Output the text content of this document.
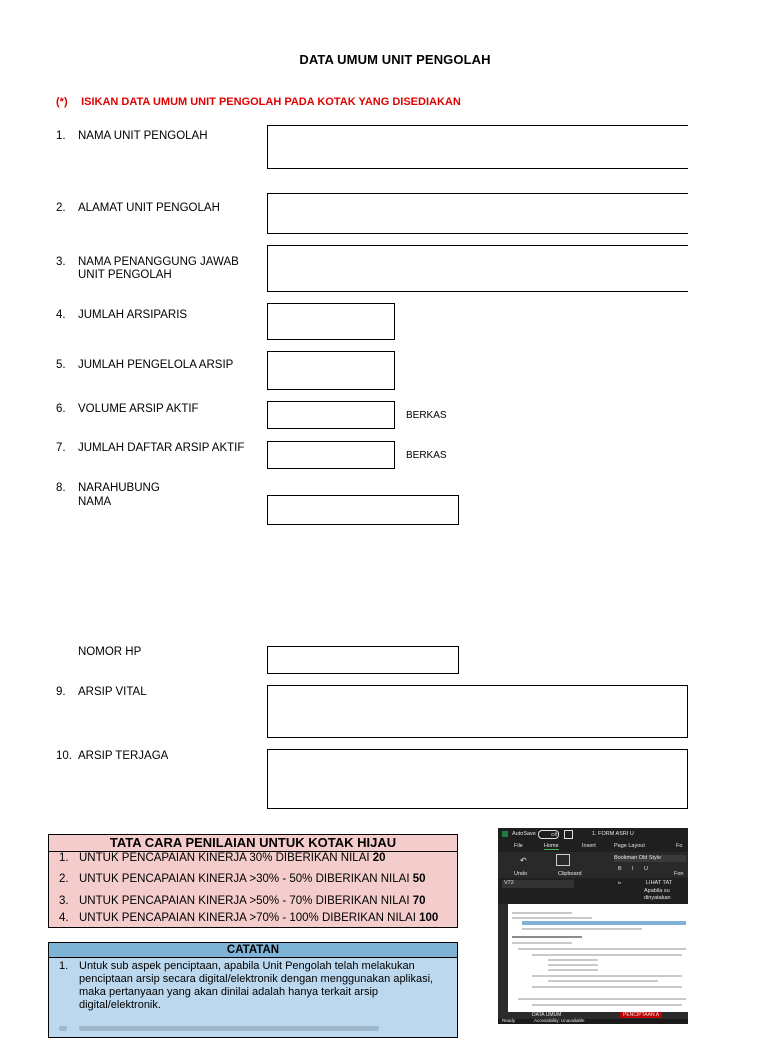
DATA UMUM UNIT PENGOLAH
(*) ISIKAN DATA UMUM UNIT PENGOLAH PADA KOTAK YANG DISEDIAKAN
1.	NAMA UNIT PENGOLAH
2.	ALAMAT UNIT PENGOLAH
3.	NAMA PENANGGUNG JAWAB
UNIT PENGOLAH
4.	JUMLAH ARSIPARIS
5.	JUMLAH PENGELOLA ARSIP
6.	VOLUME ARSIP AKTIF
BERKAS
7.	JUMLAH DAFTAR ARSIP AKTIF
BERKAS
8.	NARAHUBUNG
NAMA
NOMOR HP
9.	ARSIP VITAL
10. ARSIP TERJAGA
TATA CARA PENILAIAN UNTUK KOTAK HIJAU
1. UNTUK PENCAPAIAN KINERJA 30% DIBERIKAN NILAI 20
2. UNTUK PENCAPAIAN KINERJA >30% - 50% DIBERIKAN NILAI 50
3. UNTUK PENCAPAIAN KINERJA >50% - 70% DIBERIKAN NILAI 70
4. UNTUK PENCAPAIAN KINERJA >70% - 100% DIBERIKAN NILAI 100
CATATAN
1. Untuk sub aspek penciptaan, apabila Unit Pengolah telah melakukan penciptaan arsip secara digital/elektronik dengan menggunakan aplikasi, maka pertanyaan yang akan dinilai adalah hanya terkait arsip digital/elektronik.
AutoSave	Off	1. FORM ASRI U
File	Home	Insert	Page Layout	Fo
↶	Bookman Old Style
B I U
Undo	Clipboard	Fon
V72	fx	LIHAT TAT
Apabila su
dinyatakan
DATA UMUM	PENCIPTAAN A
Ready	Accessibility: Unavailable
